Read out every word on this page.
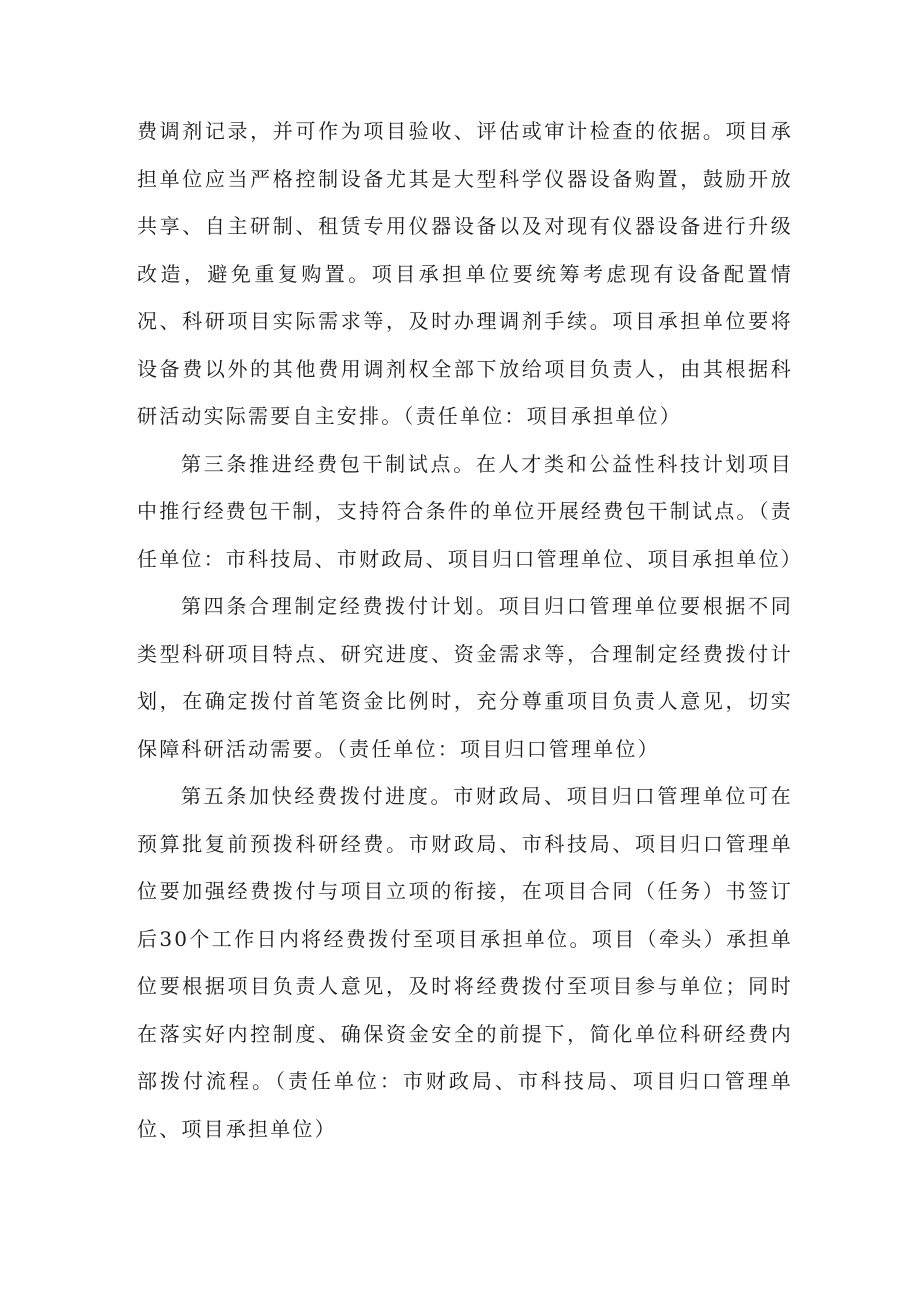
费调剂记录，并可作为项目验收、评估或审计检查的依据。项目承担单位应当严格控制设备尤其是大型科学仪器设备购置，鼓励开放共享、自主研制、租赁专用仪器设备以及对现有仪器设备进行升级改造，避免重复购置。项目承担单位要统筹考虑现有设备配置情况、科研项目实际需求等，及时办理调剂手续。项目承担单位要将设备费以外的其他费用调剂权全部下放给项目负责人，由其根据科研活动实际需要自主安排。（责任单位：项目承担单位）

第三条推进经费包干制试点。在人才类和公益性科技计划项目中推行经费包干制，支持符合条件的单位开展经费包干制试点。（责任单位：市科技局、市财政局、项目归口管理单位、项目承担单位）

第四条合理制定经费拨付计划。项目归口管理单位要根据不同类型科研项目特点、研究进度、资金需求等，合理制定经费拨付计划，在确定拨付首笔资金比例时，充分尊重项目负责人意见，切实保障科研活动需要。（责任单位：项目归口管理单位）

第五条加快经费拨付进度。市财政局、项目归口管理单位可在预算批复前预拨科研经费。市财政局、市科技局、项目归口管理单位要加强经费拨付与项目立项的衔接，在项目合同（任务）书签订后30个工作日内将经费拨付至项目承担单位。项目（牵头）承担单位要根据项目负责人意见，及时将经费拨付至项目参与单位；同时在落实好内控制度、确保资金安全的前提下，简化单位科研经费内部拨付流程。（责任单位：市财政局、市科技局、项目归口管理单位、项目承担单位）
